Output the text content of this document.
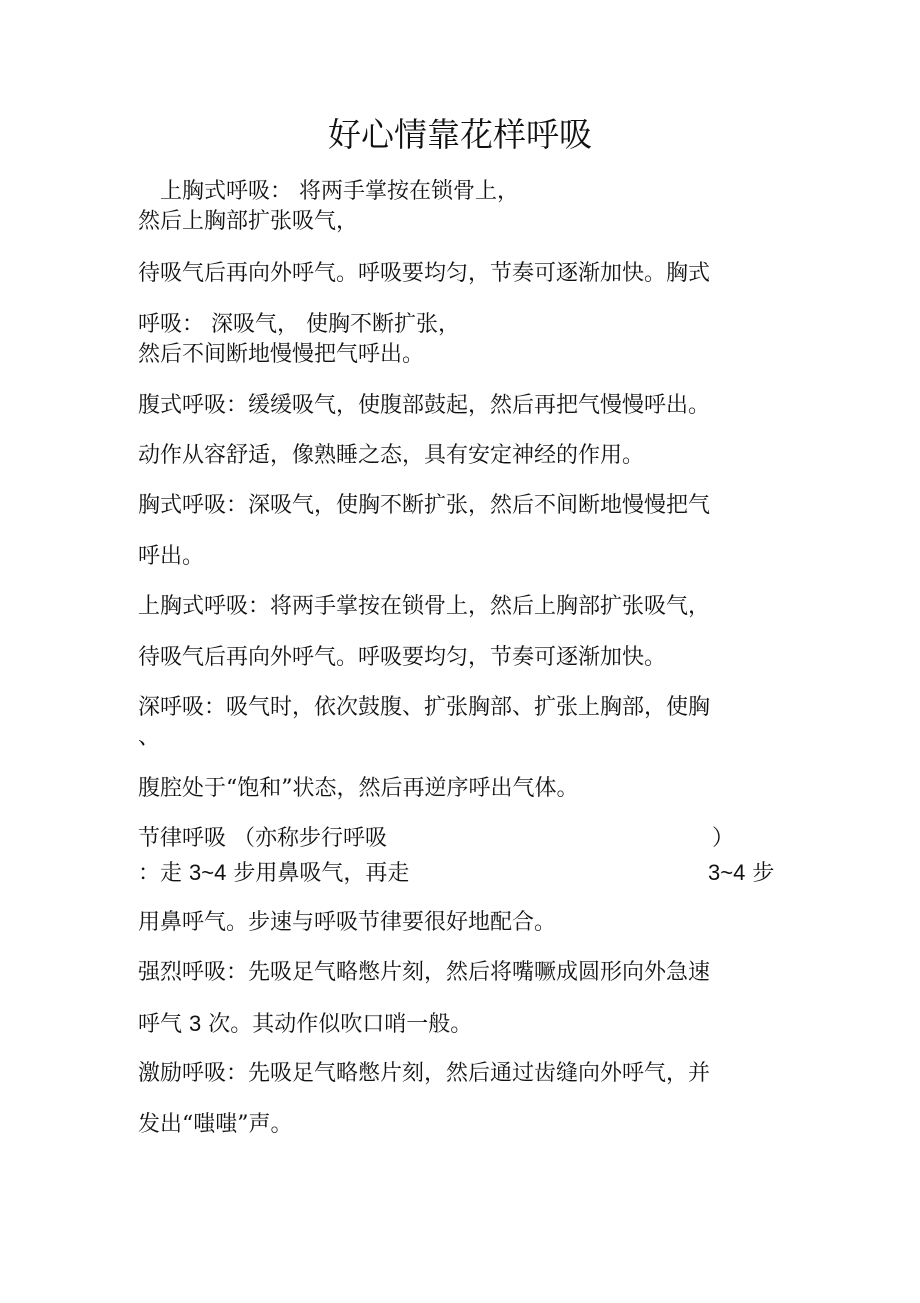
好心情靠花样呼吸
上胸式呼吸： 将两手掌按在锁骨上，
然后上胸部扩张吸气，
待吸气后再向外呼气。呼吸要均匀，节奏可逐渐加快。胸式
呼吸： 深吸气， 使胸不断扩张，
然后不间断地慢慢把气呼出。
腹式呼吸：缓缓吸气，使腹部鼓起，然后再把气慢慢呼出。
动作从容舒适，像熟睡之态，具有安定神经的作用。
胸式呼吸：深吸气，使胸不断扩张，然后不间断地慢慢把气
呼出。
上胸式呼吸：将两手掌按在锁骨上，然后上胸部扩张吸气，
待吸气后再向外呼气。呼吸要均匀，节奏可逐渐加快。
深呼吸：吸气时，依次鼓腹、扩张胸部、扩张上胸部，使胸
、
腹腔处于“饱和”状态，然后再逆序呼出气体。
节律呼吸 （亦称步行呼吸	）
：走 3~4 步用鼻吸气，再走	3~4 步
用鼻呼气。步速与呼吸节律要很好地配合。
强烈呼吸：先吸足气略憋片刻，然后将嘴噘成圆形向外急速
呼气 3 次。其动作似吹口哨一般。
激励呼吸：先吸足气略憋片刻，然后通过齿缝向外呼气，并
发出“嗤嗤”声。
